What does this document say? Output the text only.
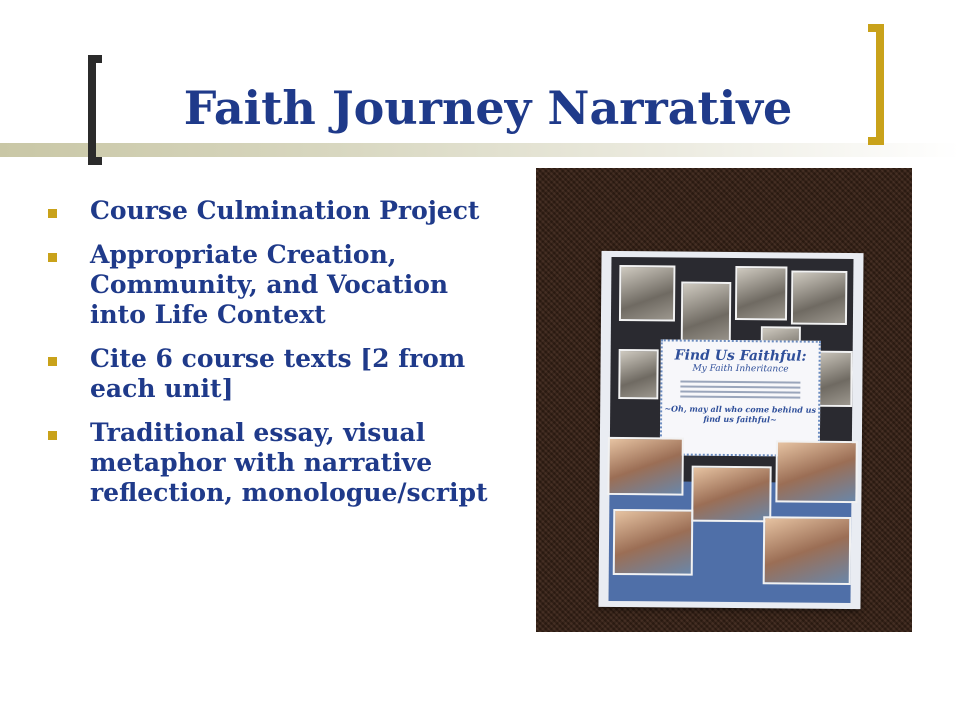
Faith Journey Narrative
Course Culmination Project
Appropriate Creation, Community, and Vocation into Life Context
Cite 6 course texts [2 from each unit]
Traditional essay, visual metaphor with narrative reflection, monologue/script
Find Us Faithful:
My Faith Inheritance
~Oh, may all who come behind us find us faithful~
